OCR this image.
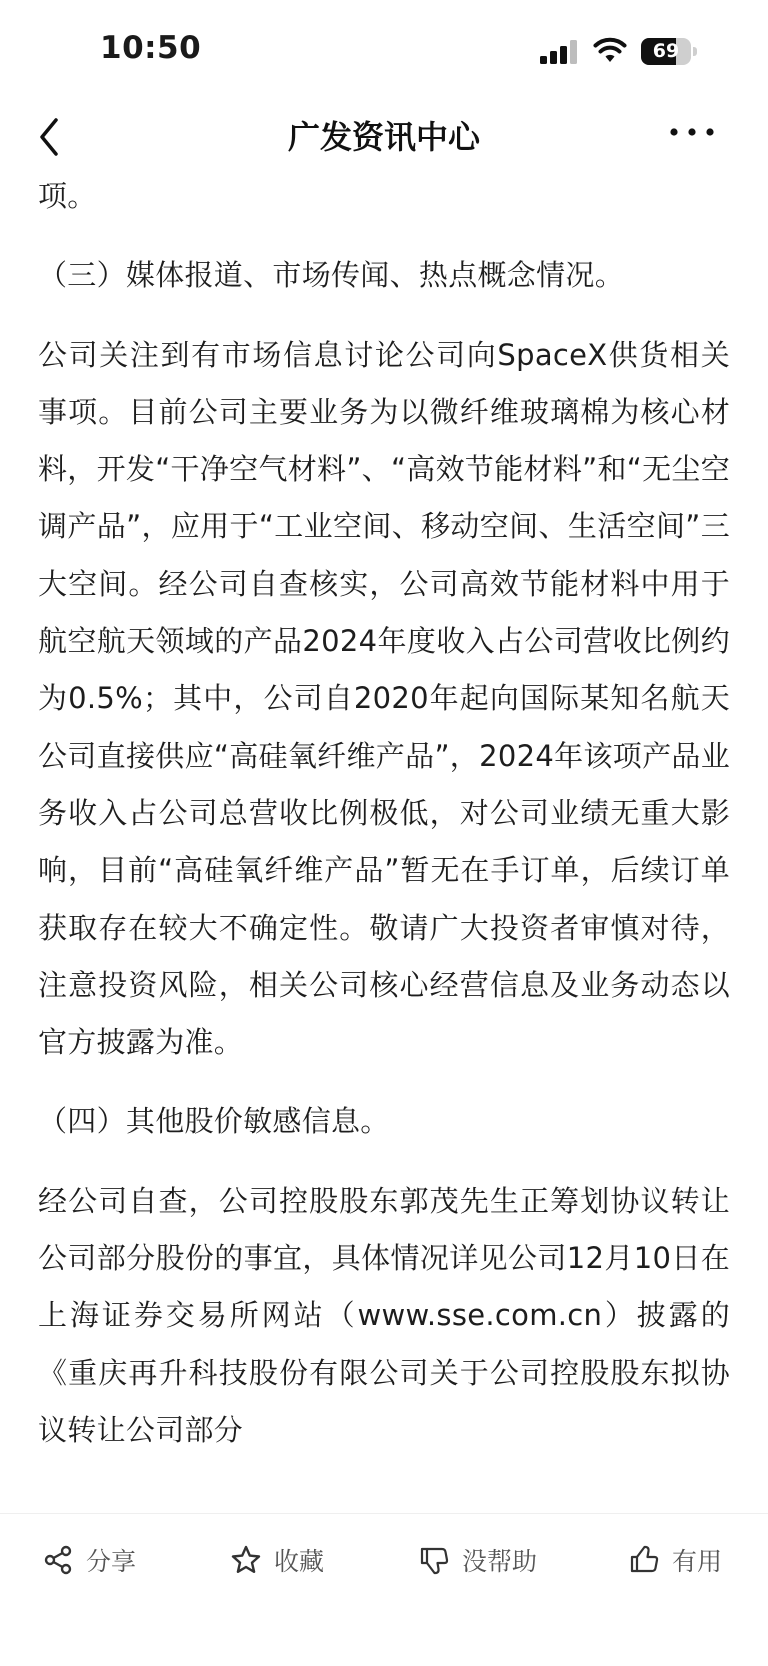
10:50	69
广发资讯中心

项。

（三）媒体报道、市场传闻、热点概念情况。

公司关注到有市场信息讨论公司向SpaceX供货相关事项。目前公司主要业务为以微纤维玻璃棉为核心材料，开发“干净空气材料”、“高效节能材料”和“无尘空调产品”，应用于“工业空间、移动空间、生活空间”三大空间。经公司自查核实，公司高效节能材料中用于航空航天领域的产品2024年度收入占公司营收比例约为0.5%；其中，公司自2020年起向国际某知名航天公司直接供应“高硅氧纤维产品”，2024年该项产品业务收入占公司总营收比例极低，对公司业绩无重大影响，目前“高硅氧纤维产品”暂无在手订单，后续订单获取存在较大不确定性。敬请广大投资者审慎对待，注意投资风险，相关公司核心经营信息及业务动态以官方披露为准。

（四）其他股价敏感信息。

经公司自查，公司控股股东郭茂先生正筹划协议转让公司部分股份的事宜，具体情况详见公司12月10日在上海证券交易所网站（www.sse.com.cn）披露的《重庆再升科技股份有限公司关于公司控股股东拟协议转让公司部分

分享	收藏	没帮助	有用
